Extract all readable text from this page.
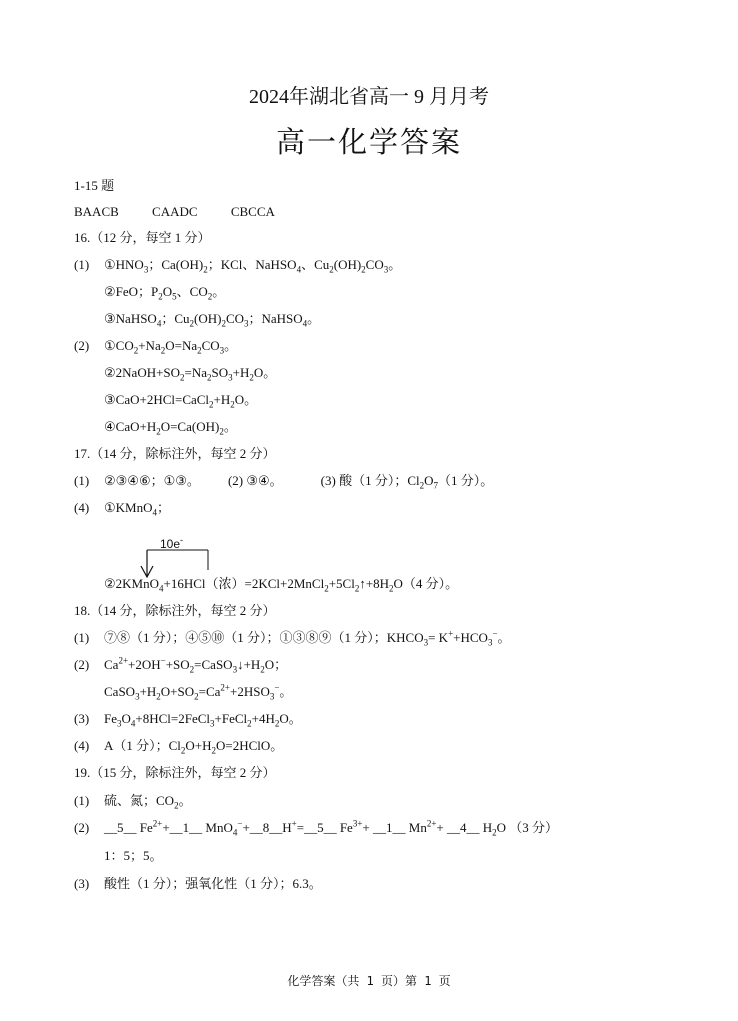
2024年湖北省高一 9 月月考
高一化学答案
1-15 题
BAACB	CAADC	CBCCA
16.（12 分，每空 1 分）
(1) $①HNO_3$；$Ca(OH)_2$；KCl、NaHSO$_4$、$Cu_2(OH)_2CO_3$。
②FeO；$P_2O_5$、$CO_2$。
③NaHSO$_4$；$Cu_2(OH)_2CO_3$；NaHSO$_4$。
(2) $①CO_2+Na_2O=Na_2CO_3$。
$②2NaOH+SO_2=Na_2SO_3+H_2O$。
$③CaO+2HCl=CaCl_2+H_2O$。
$④CaO+H_2O=Ca(OH)_2$。
17.（14 分，除标注外，每空 2 分）
(1) ②③④⑥；①③。 (2) ③④。	(3) 酸（1 分）；$Cl_2O_7(1$ 分）。
(4) ①KMnO$_4$；
10e-
②2KMnO$_4$+16HCl（浓）$=2KCl+2MnCl_2+5Cl_2↑+8H_2O(4$ 分）。
18.（14 分，除标注外，每空 2 分）
(1) ⑦⑧（1 分）；④⑤⑩（1 分）；①③⑧⑨（1 分）；$KHCO_3= K^++HCO_3^-$。
(2) $Ca^{2+}+2OH^-+SO_2=CaSO_3↓+H_2O$；
$CaSO_3+H_2O+SO_2=Ca^{2+}+2HSO_3^-$。
(3) $Fe_3O_4+8HCl=2FeCl_3+FeCl_2+4H_2O$。
(4) A（1 分）；$Cl_2O+H_2O=2HClO$。
19.（15 分，除标注外，每空 2 分）
(1) 硫、氮；$CO_2$。
(2) __5__ $Fe^{2+}+\_\_1\_\_$ MnO$_4$−+__8__H+=__5__ $Fe^{3+}+$ __1__ $Mn^{2+}+$ __4__ $H_2O$ （3 分）
1：5；5。
(3) 酸性（1 分）；强氧化性（1 分）；6.3。
化学答案（共 1 页）第 1 页
